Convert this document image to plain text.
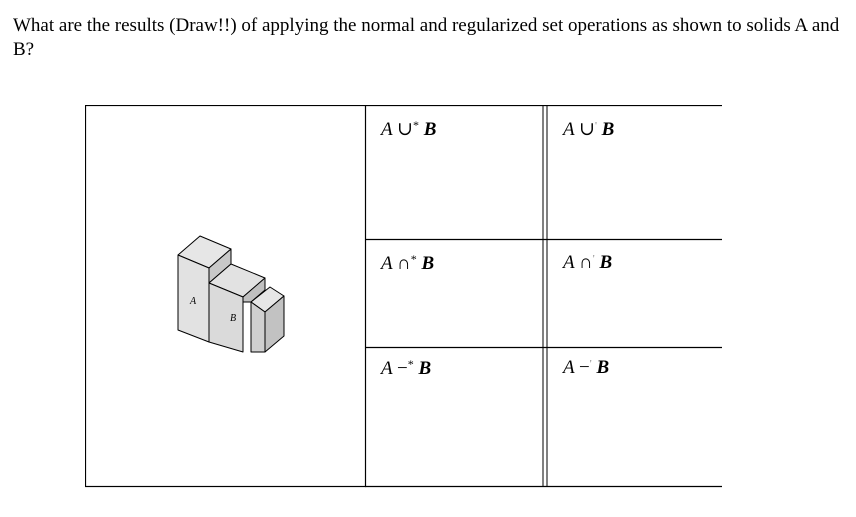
What are the results (Draw!!) of applying the normal and regularized set operations as shown to solids A and B?
A
B
A ∪* B	A ∪' B
A ∩* B	A ∩' B
A −* B	A −' B
